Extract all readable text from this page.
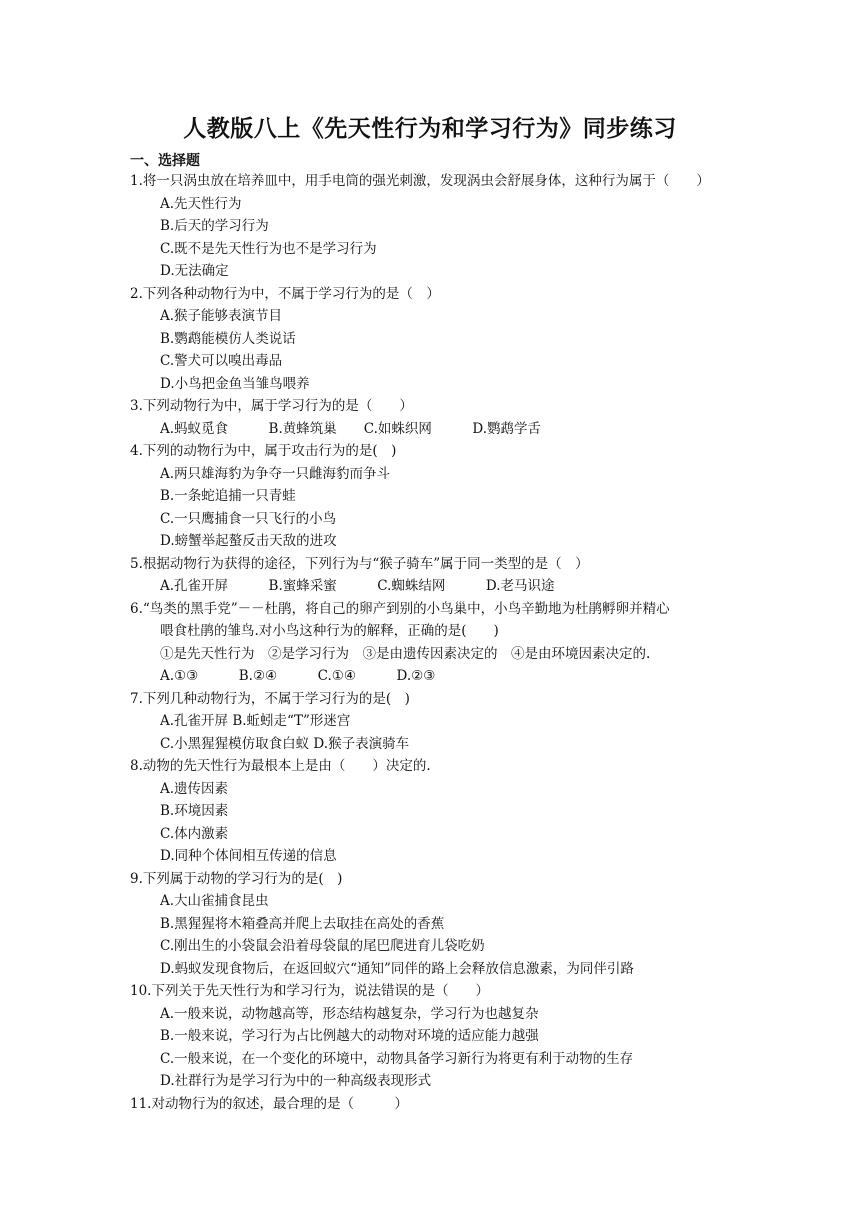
人教版八上《先天性行为和学习行为》同步练习
一、选择题
1.将一只涡虫放在培养皿中，用手电筒的强光刺激，发现涡虫会舒展身体，这种行为属于（　　）
A.先天性行为
B.后天的学习行为
C.既不是先天性行为也不是学习行为
D.无法确定
2.下列各种动物行为中，不属于学习行为的是（　）
A.猴子能够表演节目
B.鹦鹉能模仿人类说话
C.警犬可以嗅出毒品
D.小鸟把金鱼当雏鸟喂养
3.下列动物行为中，属于学习行为的是（　　）
A.蚂蚁觅食　　　B.黄蜂筑巢　　C.如蛛织网　　　D.鹦鹉学舌
4.下列的动物行为中，属于攻击行为的是(　)
A.两只雄海豹为争夺一只雌海豹而争斗
B.一条蛇追捕一只青蛙
C.一只鹰捕食一只飞行的小鸟
D.螃蟹举起螯反击天敌的进攻
5.根据动物行为获得的途径，下列行为与“猴子骑车”属于同一类型的是（　）
A.孔雀开屏　　　B.蜜蜂采蜜　　　C.蜘蛛结网　　　D.老马识途
6.“鸟类的黑手党”－－杜鹃，将自己的卵产到别的小鸟巢中，小鸟辛勤地为杜鹃孵卵并精心
喂食杜鹃的雏鸟.对小鸟这种行为的解释，正确的是(　　)
①是先天性行为　②是学习行为　③是由遗传因素决定的　④是由环境因素决定的.
A.①③　　　B.②④　　　C.①④　　　D.②③
7.下列几种动物行为，不属于学习行为的是(　)
A.孔雀开屏 B.蚯蚓走“T”形迷宫
C.小黑猩猩模仿取食白蚁 D.猴子表演骑车
8.动物的先天性行为最根本上是由（　　）决定的.
A.遗传因素
B.环境因素
C.体内激素
D.同种个体间相互传递的信息
9.下列属于动物的学习行为的是(　)
A.大山雀捕食昆虫
B.黑猩猩将木箱叠高并爬上去取挂在高处的香蕉
C.刚出生的小袋鼠会沿着母袋鼠的尾巴爬进育儿袋吃奶
D.蚂蚁发现食物后，在返回蚁穴“通知”同伴的路上会释放信息激素，为同伴引路
10.下列关于先天性行为和学习行为，说法错误的是（　　）
A.一般来说，动物越高等，形态结构越复杂，学习行为也越复杂
B.一般来说，学习行为占比例越大的动物对环境的适应能力越强
C.一般来说，在一个变化的环境中，动物具备学习新行为将更有利于动物的生存
D.社群行为是学习行为中的一种高级表现形式
11.对动物行为的叙述，最合理的是（　　　）
